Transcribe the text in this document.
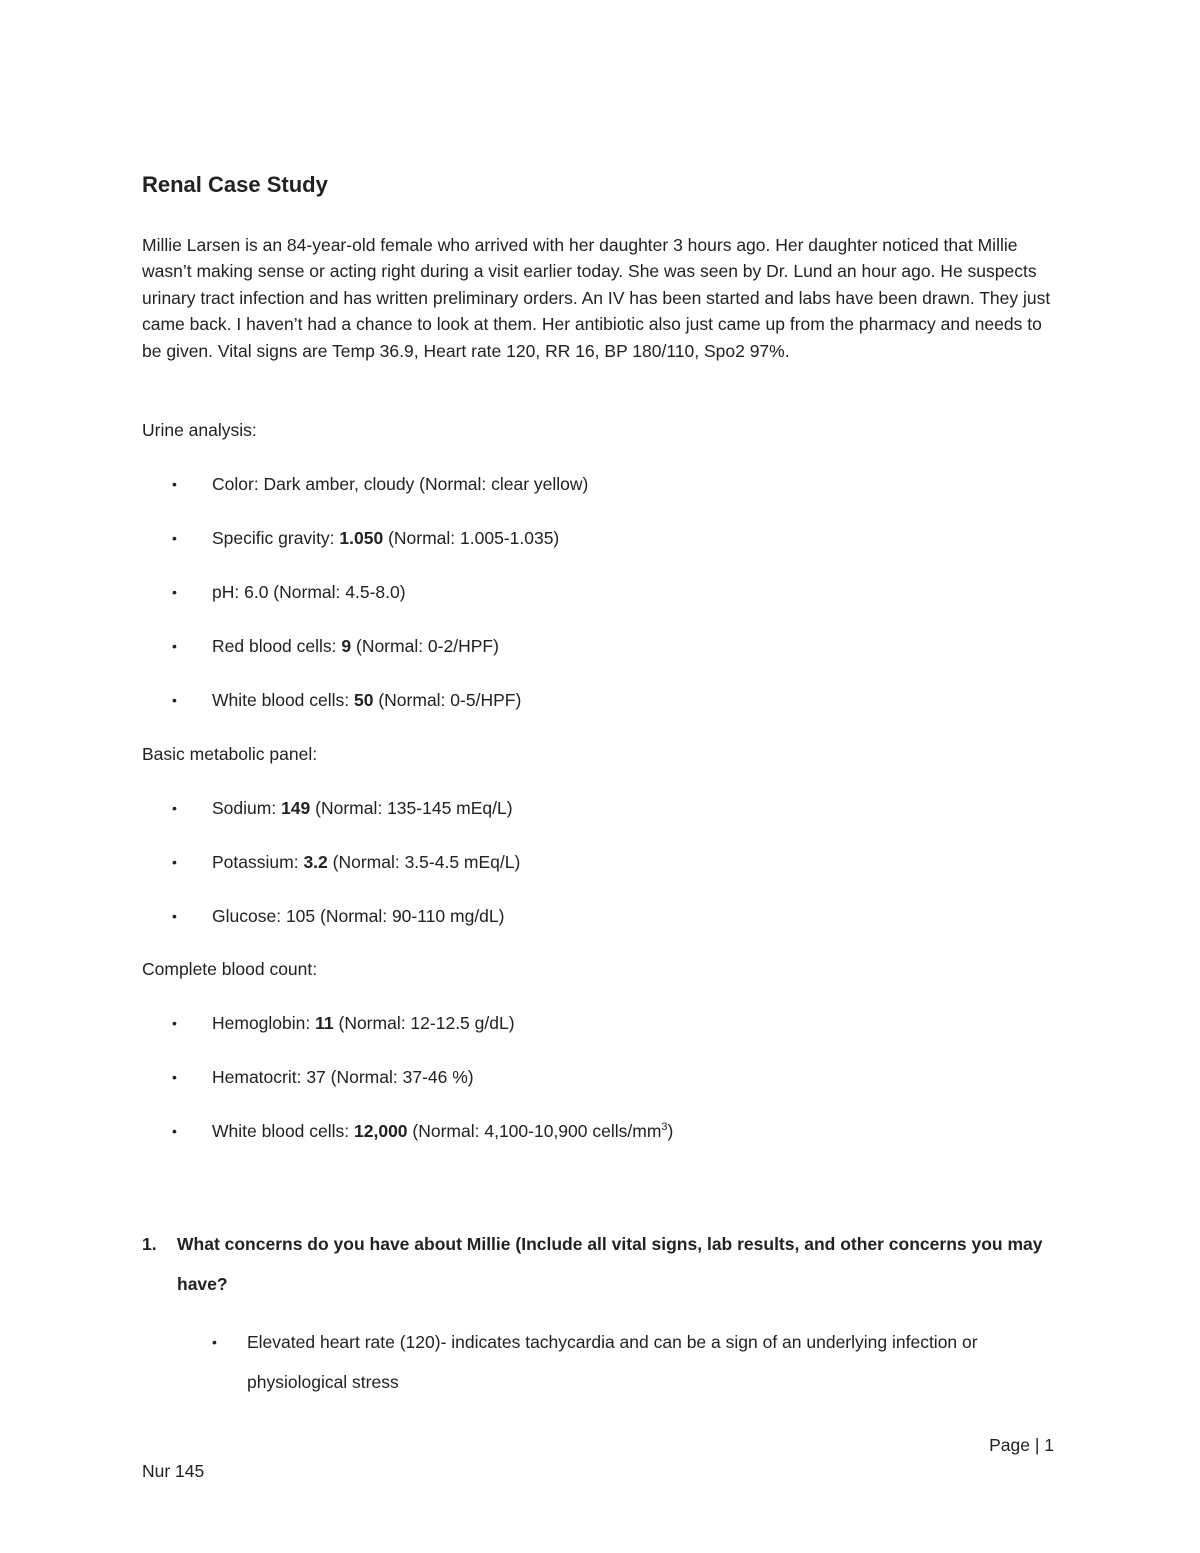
Renal Case Study

Millie Larsen is an 84-year-old female who arrived with her daughter 3 hours ago. Her daughter noticed that Millie wasn’t making sense or acting right during a visit earlier today. She was seen by Dr. Lund an hour ago. He suspects urinary tract infection and has written preliminary orders. An IV has been started and labs have been drawn. They just came back. I haven’t had a chance to look at them. Her antibiotic also just came up from the pharmacy and needs to be given. Vital signs are Temp 36.9, Heart rate 120, RR 16, BP 180/110, Spo2 97%.

Urine analysis:

• Color: Dark amber, cloudy (Normal: clear yellow)
• Specific gravity: 1.050 (Normal: 1.005-1.035)
• pH: 6.0 (Normal: 4.5-8.0)
• Red blood cells: 9 (Normal: 0-2/HPF)
• White blood cells: 50 (Normal: 0-5/HPF)

Basic metabolic panel:

• Sodium: 149 (Normal: 135-145 mEq/L)
• Potassium: 3.2 (Normal: 3.5-4.5 mEq/L)
• Glucose: 105 (Normal: 90-110 mg/dL)

Complete blood count:

• Hemoglobin: 11 (Normal: 12-12.5 g/dL)
• Hematocrit: 37 (Normal: 37-46 %)
• White blood cells: 12,000 (Normal: 4,100-10,900 cells/$mm^3$)
1.	What concerns do you have about Millie (Include all vital signs, lab results, and other concerns you may have?
•	Elevated heart rate (120)- indicates tachycardia and can be a sign of an underlying infection or physiological stress
Page | 1
Nur 145
